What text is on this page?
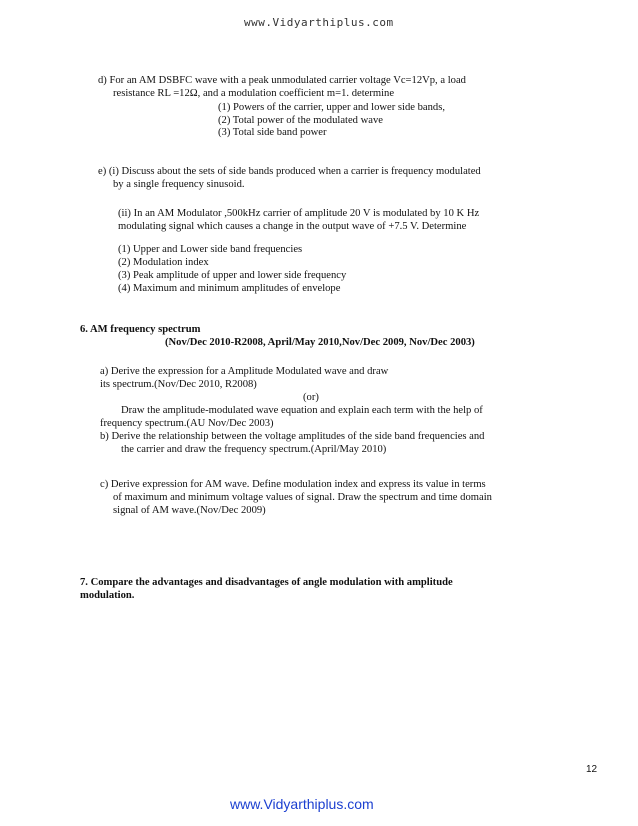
www.Vidyarthiplus.com
d) For an AM DSBFC wave with a peak unmodulated carrier voltage Vc=12Vp, a load
resistance RL =12Ω, and a modulation coefficient m=1. determine
(1) Powers of the carrier, upper and lower side bands,
(2) Total power of the modulated wave
(3) Total side band power
e) (i) Discuss about the sets of side bands produced when a carrier is frequency modulated
by a single frequency sinusoid.
(ii) In an AM Modulator ,500kHz carrier of amplitude 20 V is modulated by 10 K Hz
modulating signal which causes a change in the output wave of +7.5 V. Determine
(1) Upper and Lower side band frequencies
(2) Modulation index
(3) Peak amplitude of upper and lower side frequency
(4) Maximum and minimum amplitudes of envelope
6. AM frequency spectrum
(Nov/Dec 2010-R2008, April/May 2010,Nov/Dec 2009, Nov/Dec 2003)
a) Derive the expression for a Amplitude Modulated wave and draw
its spectrum.(Nov/Dec 2010, R2008)
(or)
Draw the amplitude-modulated wave equation and explain each term with the help of
frequency spectrum.(AU Nov/Dec 2003)
b) Derive the relationship between the voltage amplitudes of the side band frequencies and
the carrier and draw the frequency spectrum.(April/May 2010)
c) Derive expression for AM wave. Define modulation index and express its value in terms
of maximum and minimum voltage values of signal. Draw the spectrum and time domain
signal of AM wave.(Nov/Dec 2009)
7. Compare the advantages and disadvantages of angle modulation with amplitude
modulation.
12
www.Vidyarthiplus.com
